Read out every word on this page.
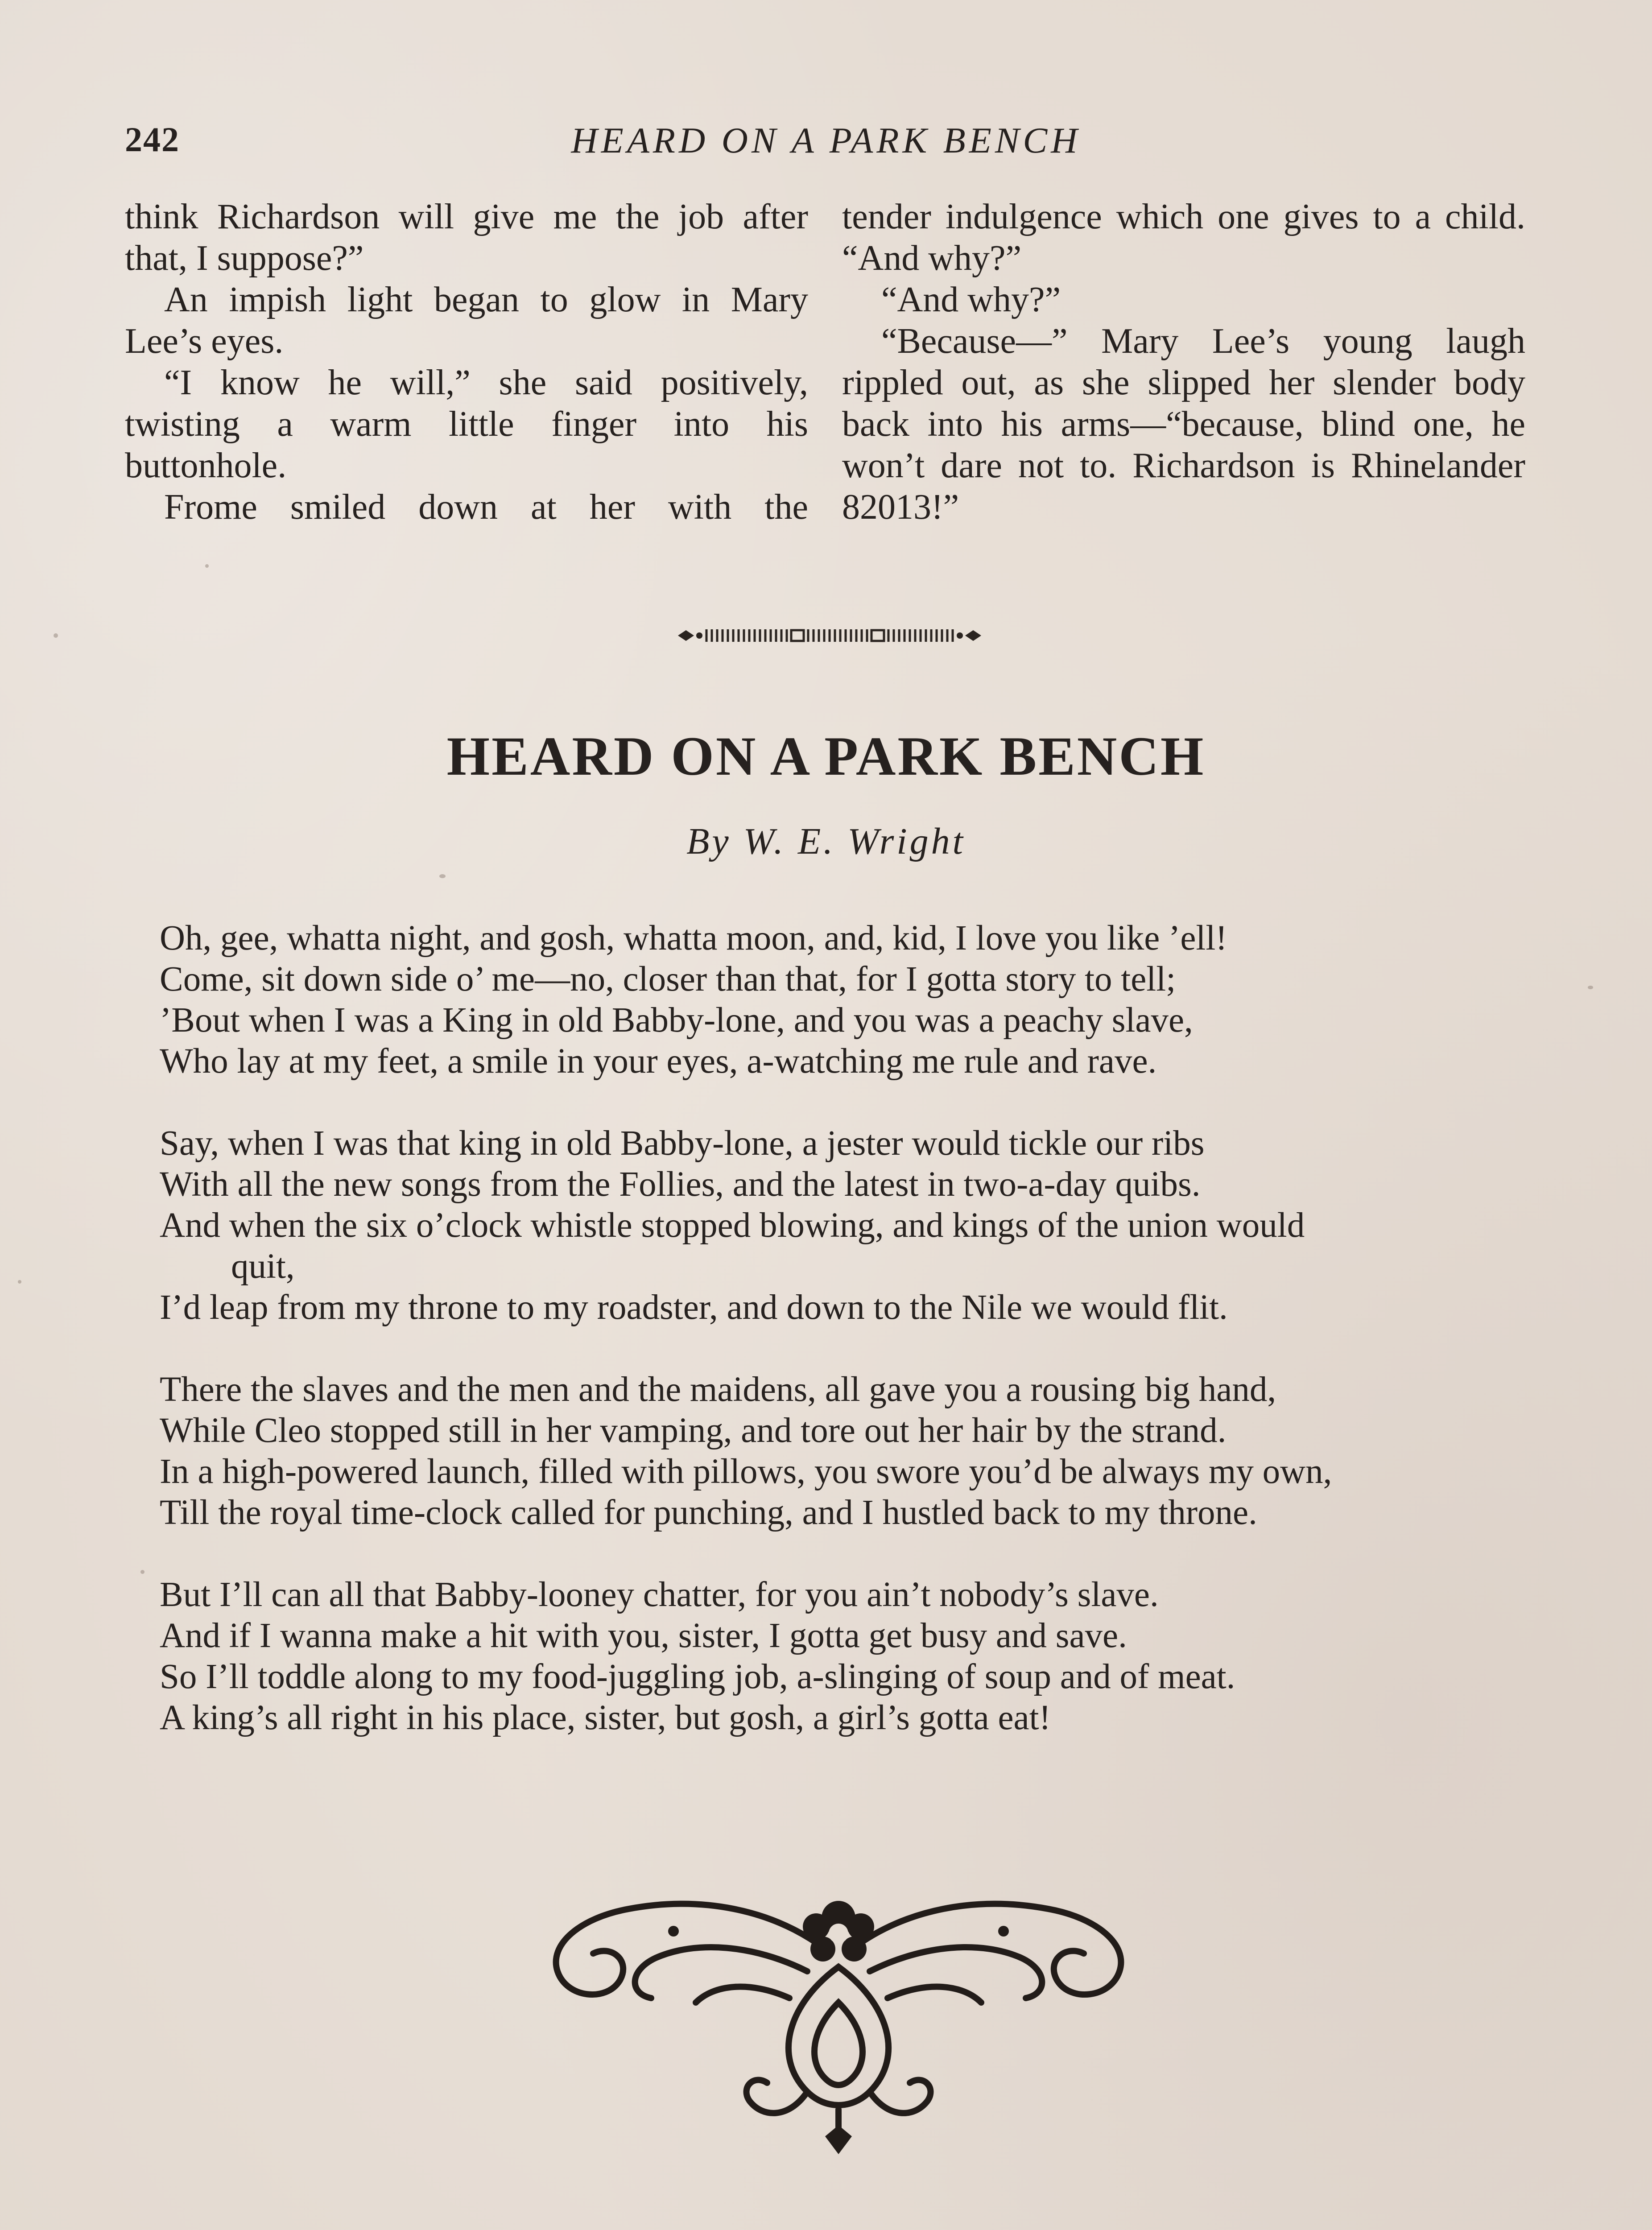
242	HEARD ON A PARK BENCH

think Richardson will give me the job after that, I suppose?”

An impish light began to glow in Mary Lee’s eyes.

“I know he will,” she said positively, twisting a warm little finger into his buttonhole.

Frome smiled down at her with the

tender indulgence which one gives to a child. “And why?”

“And why?”

“Because—” Mary Lee’s young laugh rippled out, as she slipped her slender body back into his arms—“because, blind one, he won’t dare not to. Richardson is Rhinelander 82013!”

HEARD ON A PARK BENCH
By W. E. Wright
Oh, gee, whatta night, and gosh, whatta moon, and, kid, I love you like ’ell!
Come, sit down side o’ me—no, closer than that, for I gotta story to tell;
’Bout when I was a King in old Babby-lone, and you was a peachy slave,
Who lay at my feet, a smile in your eyes, a-watching me rule and rave.
Say, when I was that king in old Babby-lone, a jester would tickle our ribs
With all the new songs from the Follies, and the latest in two-a-day quibs.
And when the six o’clock whistle stopped blowing, and kings of the union would
quit,
I’d leap from my throne to my roadster, and down to the Nile we would flit.
There the slaves and the men and the maidens, all gave you a rousing big hand,
While Cleo stopped still in her vamping, and tore out her hair by the strand.
In a high-powered launch, filled with pillows, you swore you’d be always my own,
Till the royal time-clock called for punching, and I hustled back to my throne.
But I’ll can all that Babby-looney chatter, for you ain’t nobody’s slave.
And if I wanna make a hit with you, sister, I gotta get busy and save.
So I’ll toddle along to my food-juggling job, a-slinging of soup and of meat.
A king’s all right in his place, sister, but gosh, a girl’s gotta eat!
